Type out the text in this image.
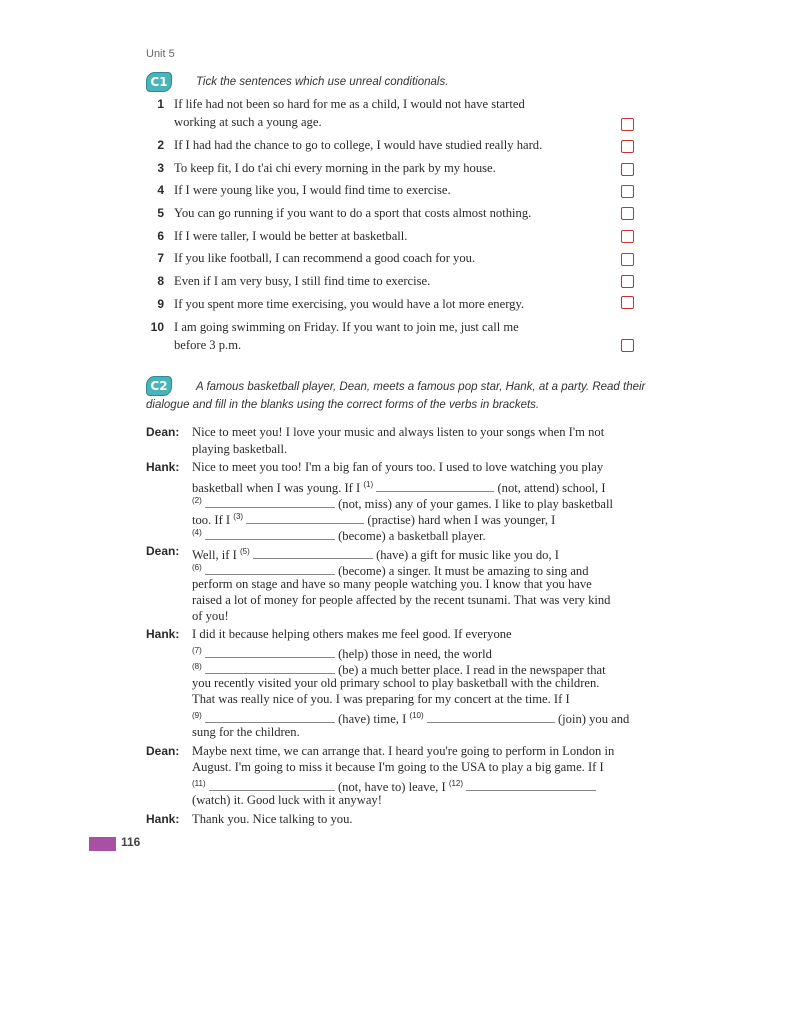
Unit 5
C1	Tick the sentences which use unreal conditionals.
1 If life had not been so hard for me as a child, I would not have started
working at such a young age.
2 If I had had the chance to go to college, I would have studied really hard.
3 To keep fit, I do t'ai chi every morning in the park by my house.
4 If I were young like you, I would find time to exercise.
5 You can go running if you want to do a sport that costs almost nothing.
6 If I were taller, I would be better at basketball.
7 If you like football, I can recommend a good coach for you.
8 Even if I am very busy, I still find time to exercise.
9 If you spent more time exercising, you would have a lot more energy.
10 I am going swimming on Friday. If you want to join me, just call me
before 3 p.m.
C2	A famous basketball player, Dean, meets a famous pop star, Hank, at a party. Read their
dialogue and fill in the blanks using the correct forms of the verbs in brackets.
Dean: Nice to meet you! I love your music and always listen to your songs when I'm not
playing basketball.
Hank: Nice to meet you too! I'm a big fan of yours too. I used to love watching you play
basketball when I was young. If I $^{(1)}$	(not, attend) school, I
$^{(2)}$	(not, miss) any of your games. I like to play basketball
too. If I $^{(3)}$	(practise) hard when I was younger, I
$^{(4)}$	(become) a basketball player.
Dean: Well, if I $^{(5)}$	(have) a gift for music like you do, I
$^{(6)}$	(become) a singer. It must be amazing to sing and
perform on stage and have so many people watching you. I know that you have
raised a lot of money for people affected by the recent tsunami. That was very kind
of you!
Hank: I did it because helping others makes me feel good. If everyone
$^{(7)}$	(help) those in need, the world
$^{(8)}$	(be) a much better place. I read in the newspaper that
you recently visited your old primary school to play basketball with the children.
That was really nice of you. I was preparing for my concert at the time. If I
$^{(9)}$	(have) time, I $^{(10)}$	(join) you and
sung for the children.
Dean: Maybe next time, we can arrange that. I heard you're going to perform in London in
August. I'm going to miss it because I'm going to the USA to play a big game. If I
$^{(11)}$	(not, have to) leave, I $^{(12)}$
(watch) it. Good luck with it anyway!
Hank: Thank you. Nice talking to you.
116
